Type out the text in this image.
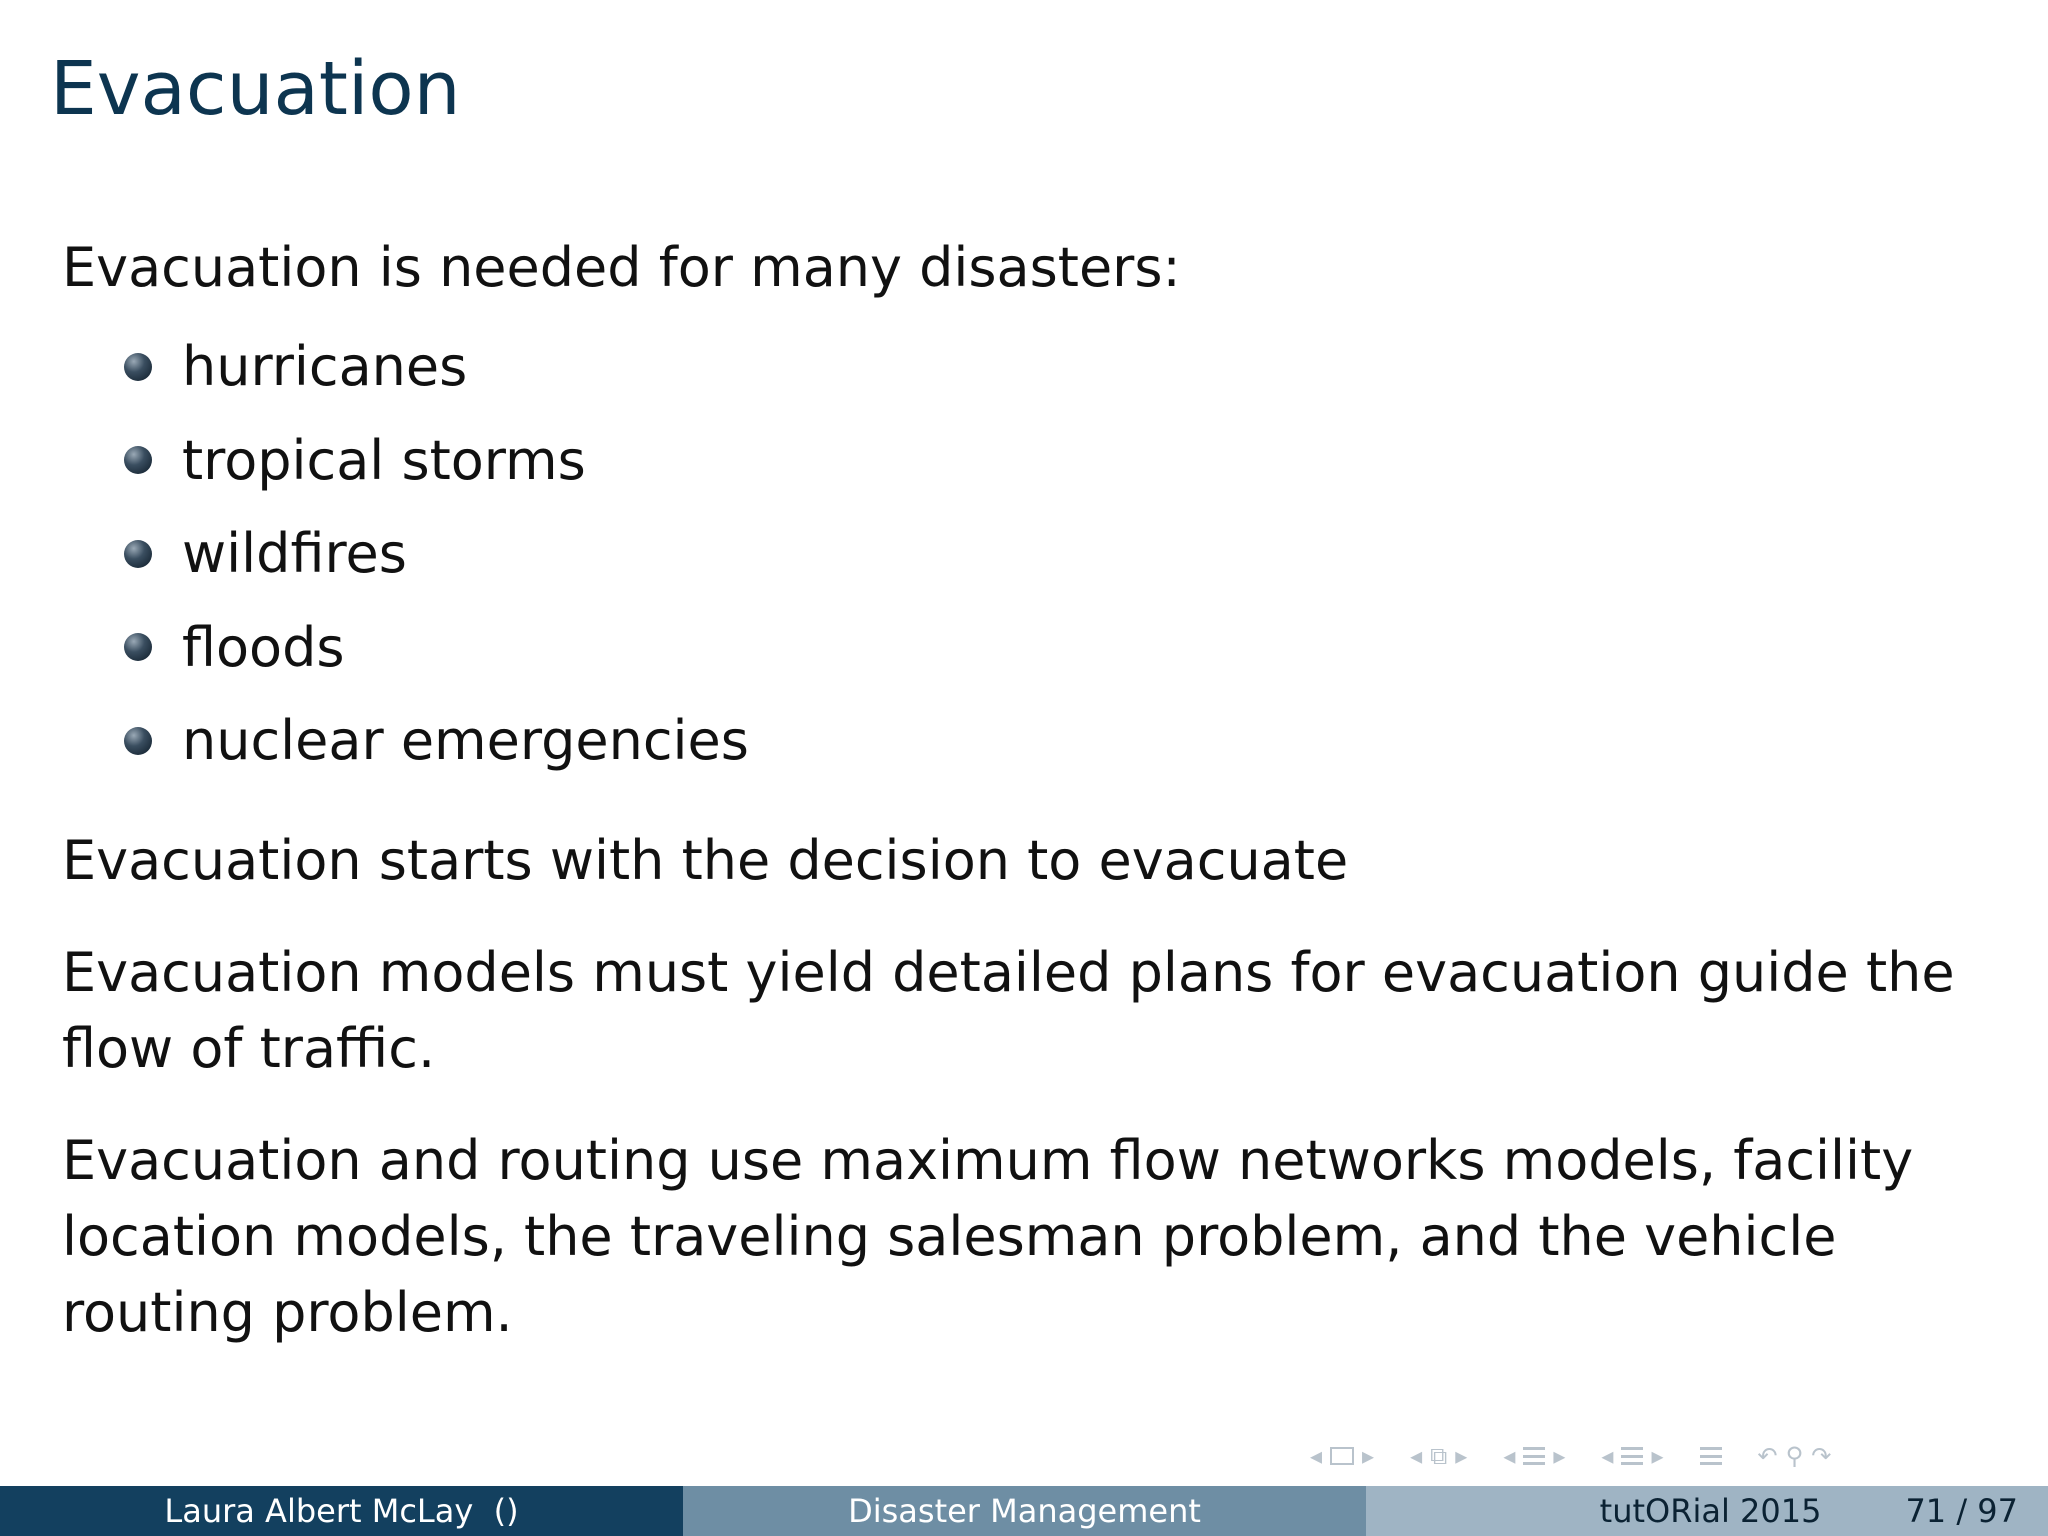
Evacuation
Evacuation is needed for many disasters:
hurricanes
tropical storms
wildfires
floods
nuclear emergencies
Evacuation starts with the decision to evacuate
Evacuation models must yield detailed plans for evacuation guide the flow of traffic.
Evacuation and routing use maximum flow networks models, facility location models, the traveling salesman problem, and the vehicle routing problem.
◂ ▸ ◂ ⧉ ▸ ◂ ▸ ◂ ▸	↶ ⚲ ↷
Laura Albert McLay  ()	Disaster Management	tutORial 2015	71 / 97
